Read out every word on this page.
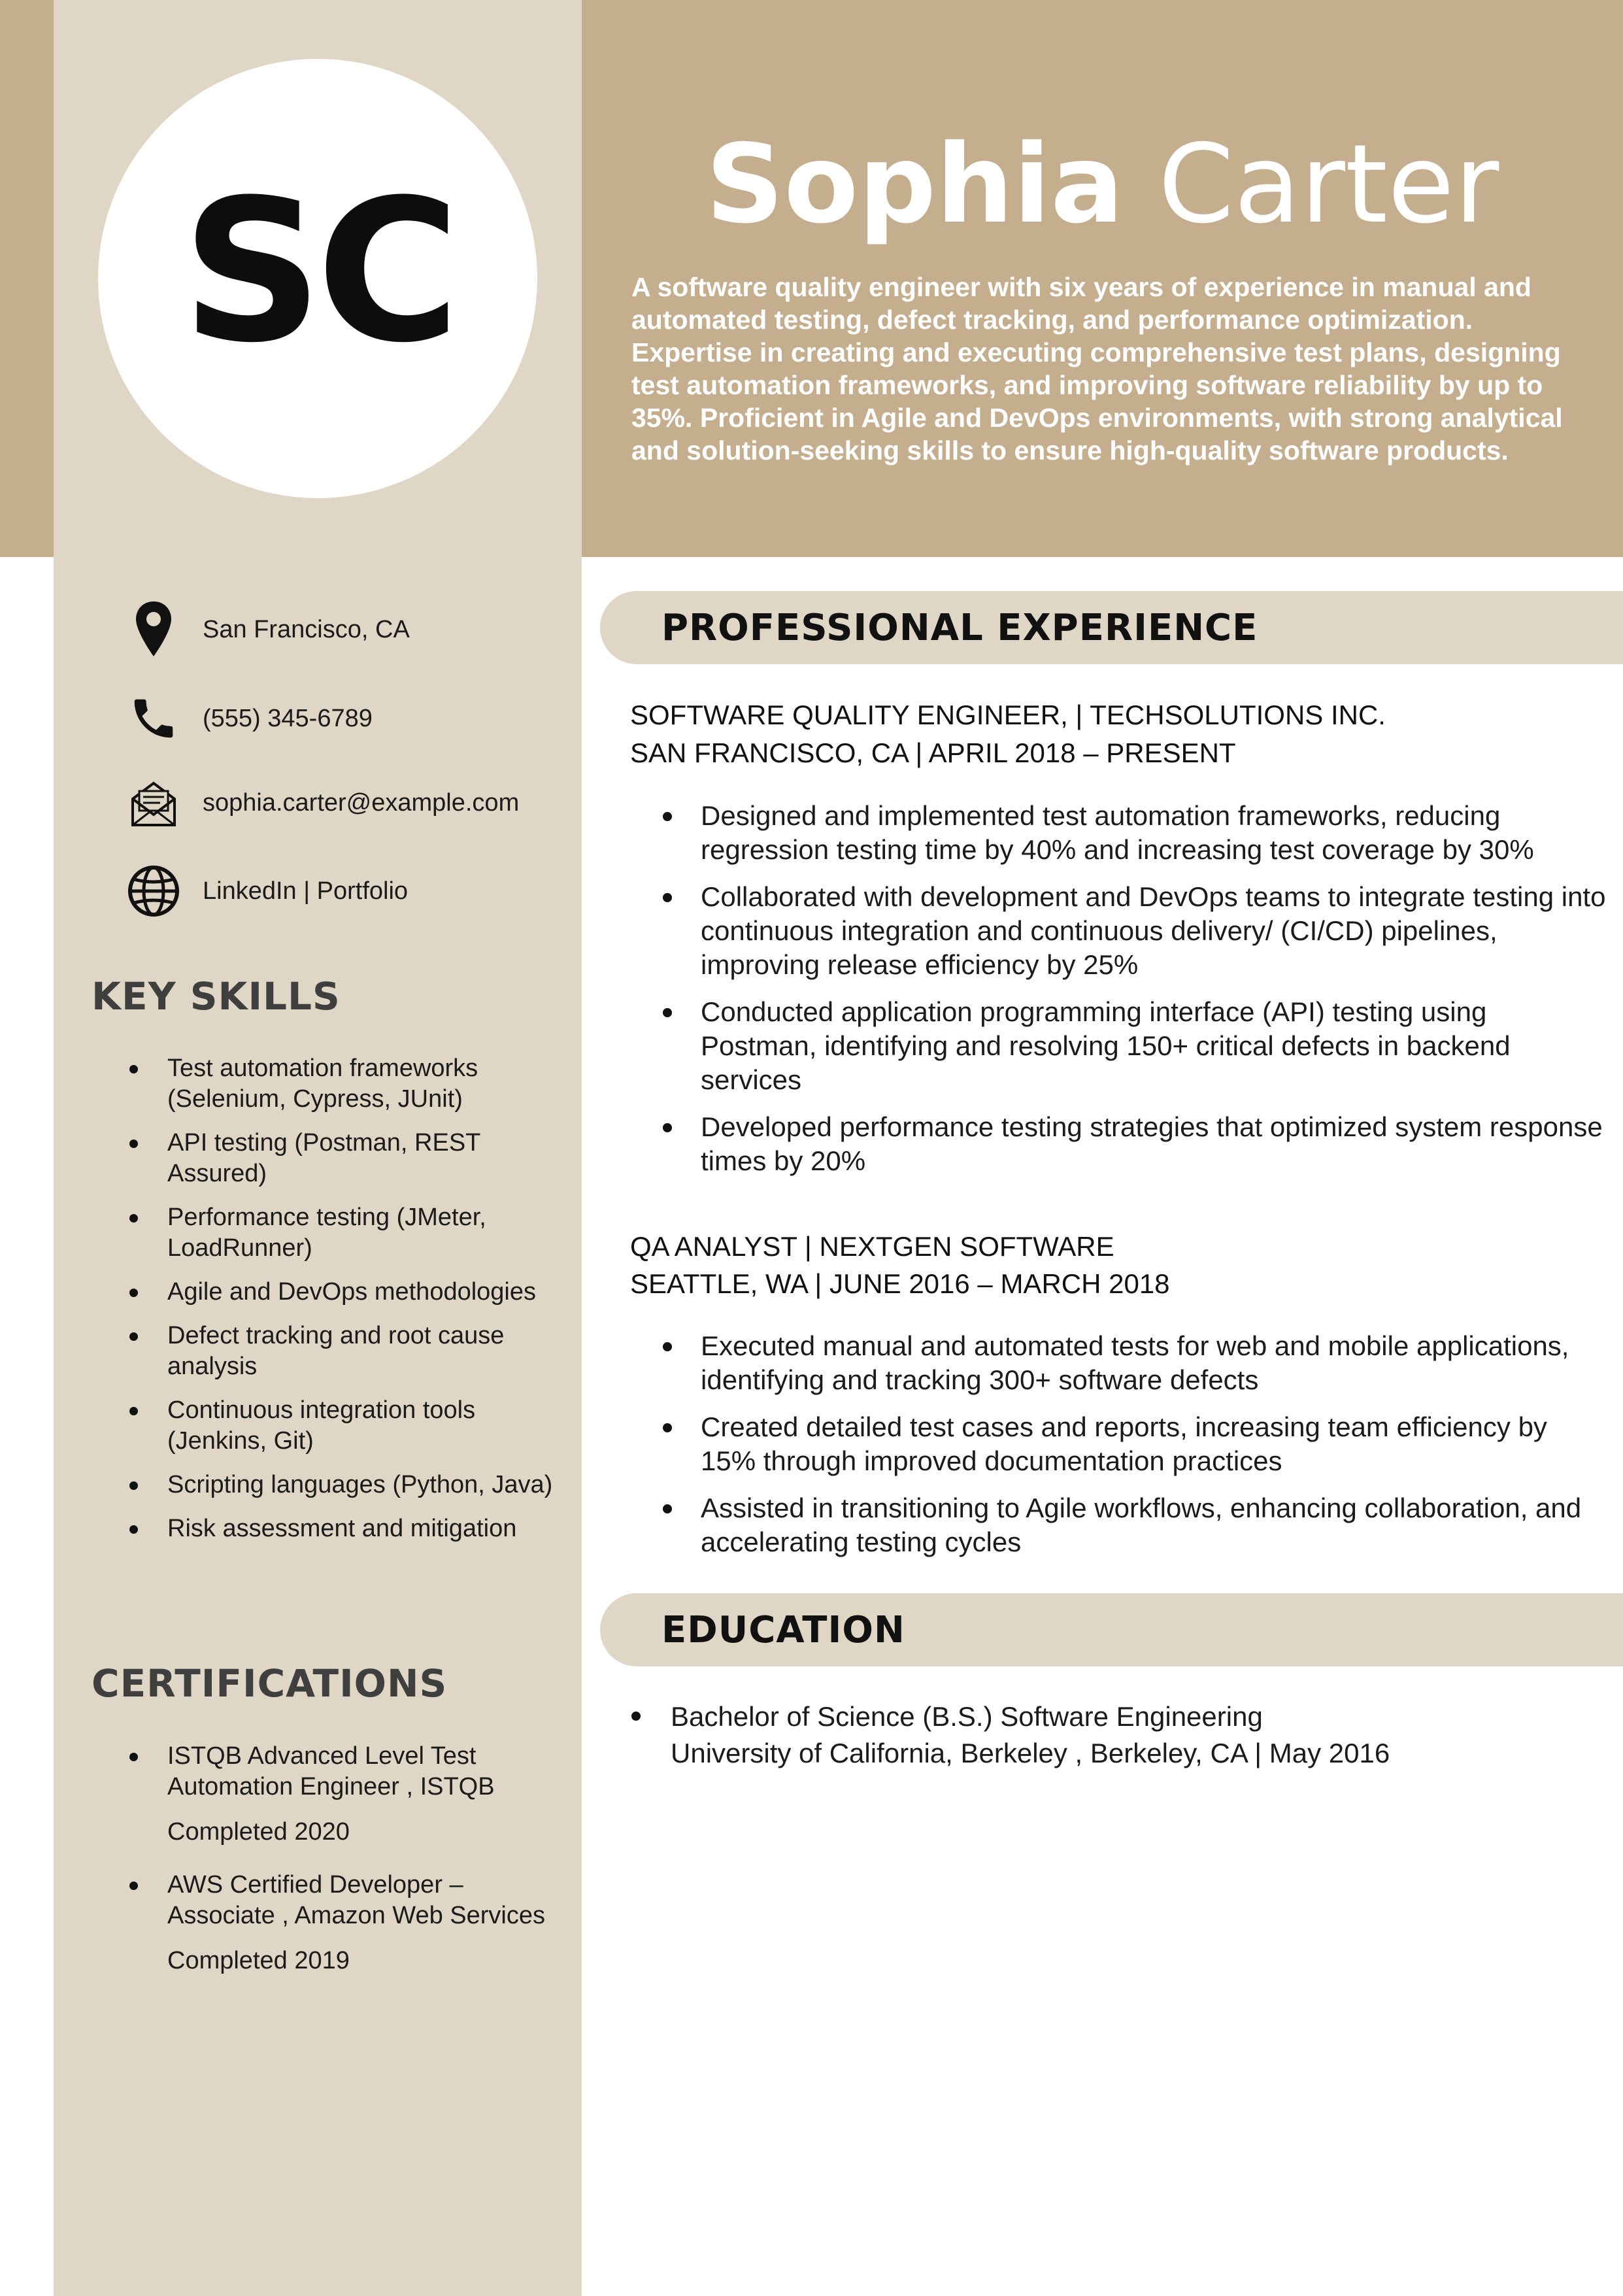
SC	Sophia Carter

A software quality engineer with six years of experience in manual and automated testing, defect tracking, and performance optimization. Expertise in creating and executing comprehensive test plans, designing test automation frameworks, and improving software reliability by up to 35%. Proficient in Agile and DevOps environments, with strong analytical and solution-seeking skills to ensure high-quality software products.

San Francisco, CA
(555) 345-6789
sophia.carter@example.com
LinkedIn | Portfolio
KEY SKILLS
Test automation frameworks (Selenium, Cypress, JUnit)
API testing (Postman, REST Assured)
Performance testing (JMeter, LoadRunner)
Agile and DevOps methodologies
Defect tracking and root cause analysis
Continuous integration tools (Jenkins, Git)
Scripting languages (Python, Java)
Risk assessment and mitigation
CERTIFICATIONS
ISTQB Advanced Level Test Automation Engineer , ISTQB
Completed 2020
AWS Certified Developer – Associate , Amazon Web Services
Completed 2019
PROFESSIONAL EXPERIENCE

SOFTWARE QUALITY ENGINEER, | TECHSOLUTIONS INC.

SAN FRANCISCO, CA | APRIL 2018 – PRESENT

Designed and implemented test automation frameworks, reducing regression testing time by 40% and increasing test coverage by 30%
Collaborated with development and DevOps teams to integrate testing into continuous integration and continuous delivery/ (CI/CD) pipelines, improving release efficiency by 25%
Conducted application programming interface (API) testing using Postman, identifying and resolving 150+ critical defects in backend services
Developed performance testing strategies that optimized system response times by 20%

QA ANALYST | NEXTGEN SOFTWARE

SEATTLE, WA | JUNE 2016 – MARCH 2018

Executed manual and automated tests for web and mobile applications, identifying and tracking 300+ software defects
Created detailed test cases and reports, increasing team efficiency by 15% through improved documentation practices
Assisted in transitioning to Agile workflows, enhancing collaboration, and accelerating testing cycles
EDUCATION
Bachelor of Science (B.S.) Software Engineering
University of California, Berkeley , Berkeley, CA | May 2016
